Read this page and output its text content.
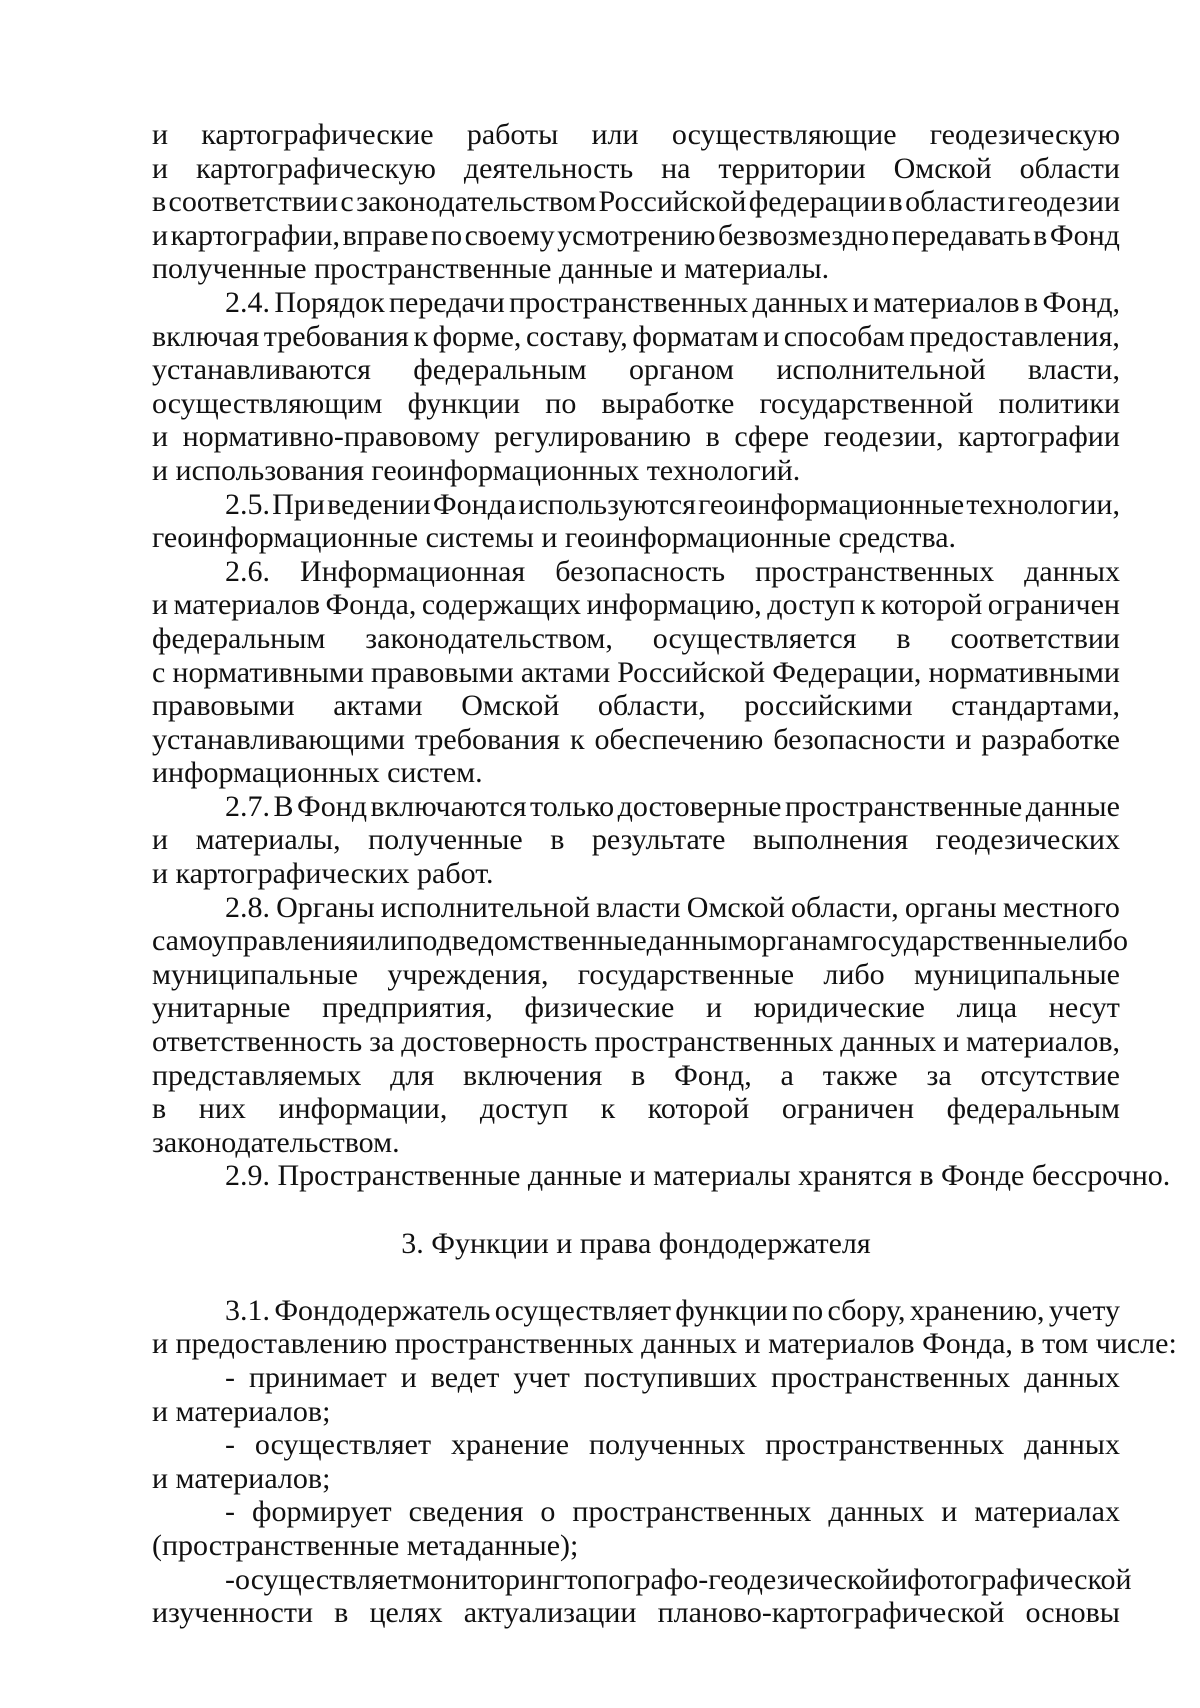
и картографические работы или осуществляющие геодезическую
и картографическую деятельность на территории Омской области
в соответствии с законодательством Российской федерации в области геодезии
и картографии, вправе по своему усмотрению безвозмездно передавать в Фонд
полученные пространственные данные и материалы.
2.4. Порядок передачи пространственных данных и материалов в Фонд,
включая требования к форме, составу, форматам и способам предоставления,
устанавливаются федеральным органом исполнительной власти,
осуществляющим функции по выработке государственной политики
и нормативно-правовому регулированию в сфере геодезии, картографии
и использования геоинформационных технологий.
2.5. При ведении Фонда используются геоинформационные технологии,
геоинформационные системы и геоинформационные средства.
2.6. Информационная безопасность пространственных данных
и материалов Фонда, содержащих информацию, доступ к которой ограничен
федеральным законодательством, осуществляется в соответствии
с нормативными правовыми актами Российской Федерации, нормативными
правовыми актами Омской области, российскими стандартами,
устанавливающими требования к обеспечению безопасности и разработке
информационных систем.
2.7. В Фонд включаются только достоверные пространственные данные
и материалы, полученные в результате выполнения геодезических
и картографических работ.
2.8. Органы исполнительной власти Омской области, органы местного
самоуправления или подведомственные данным органам государственные либо
муниципальные учреждения, государственные либо муниципальные
унитарные предприятия, физические и юридические лица несут
ответственность за достоверность пространственных данных и материалов,
представляемых для включения в Фонд, а также за отсутствие
в них информации, доступ к которой ограничен федеральным
законодательством.
2.9. Пространственные данные и материалы хранятся в Фонде бессрочно.
3. Функции и права фондодержателя
3.1. Фондодержатель осуществляет функции по сбору, хранению, учету
и предоставлению пространственных данных и материалов Фонда, в том числе:
- принимает и ведет учет поступивших пространственных данных
и материалов;
- осуществляет хранение полученных пространственных данных
и материалов;
- формирует сведения о пространственных данных и материалах
(пространственные метаданные);
- осуществляет мониторинг топографо-геодезической и фотографической
изученности в целях актуализации планово-картографической основы
